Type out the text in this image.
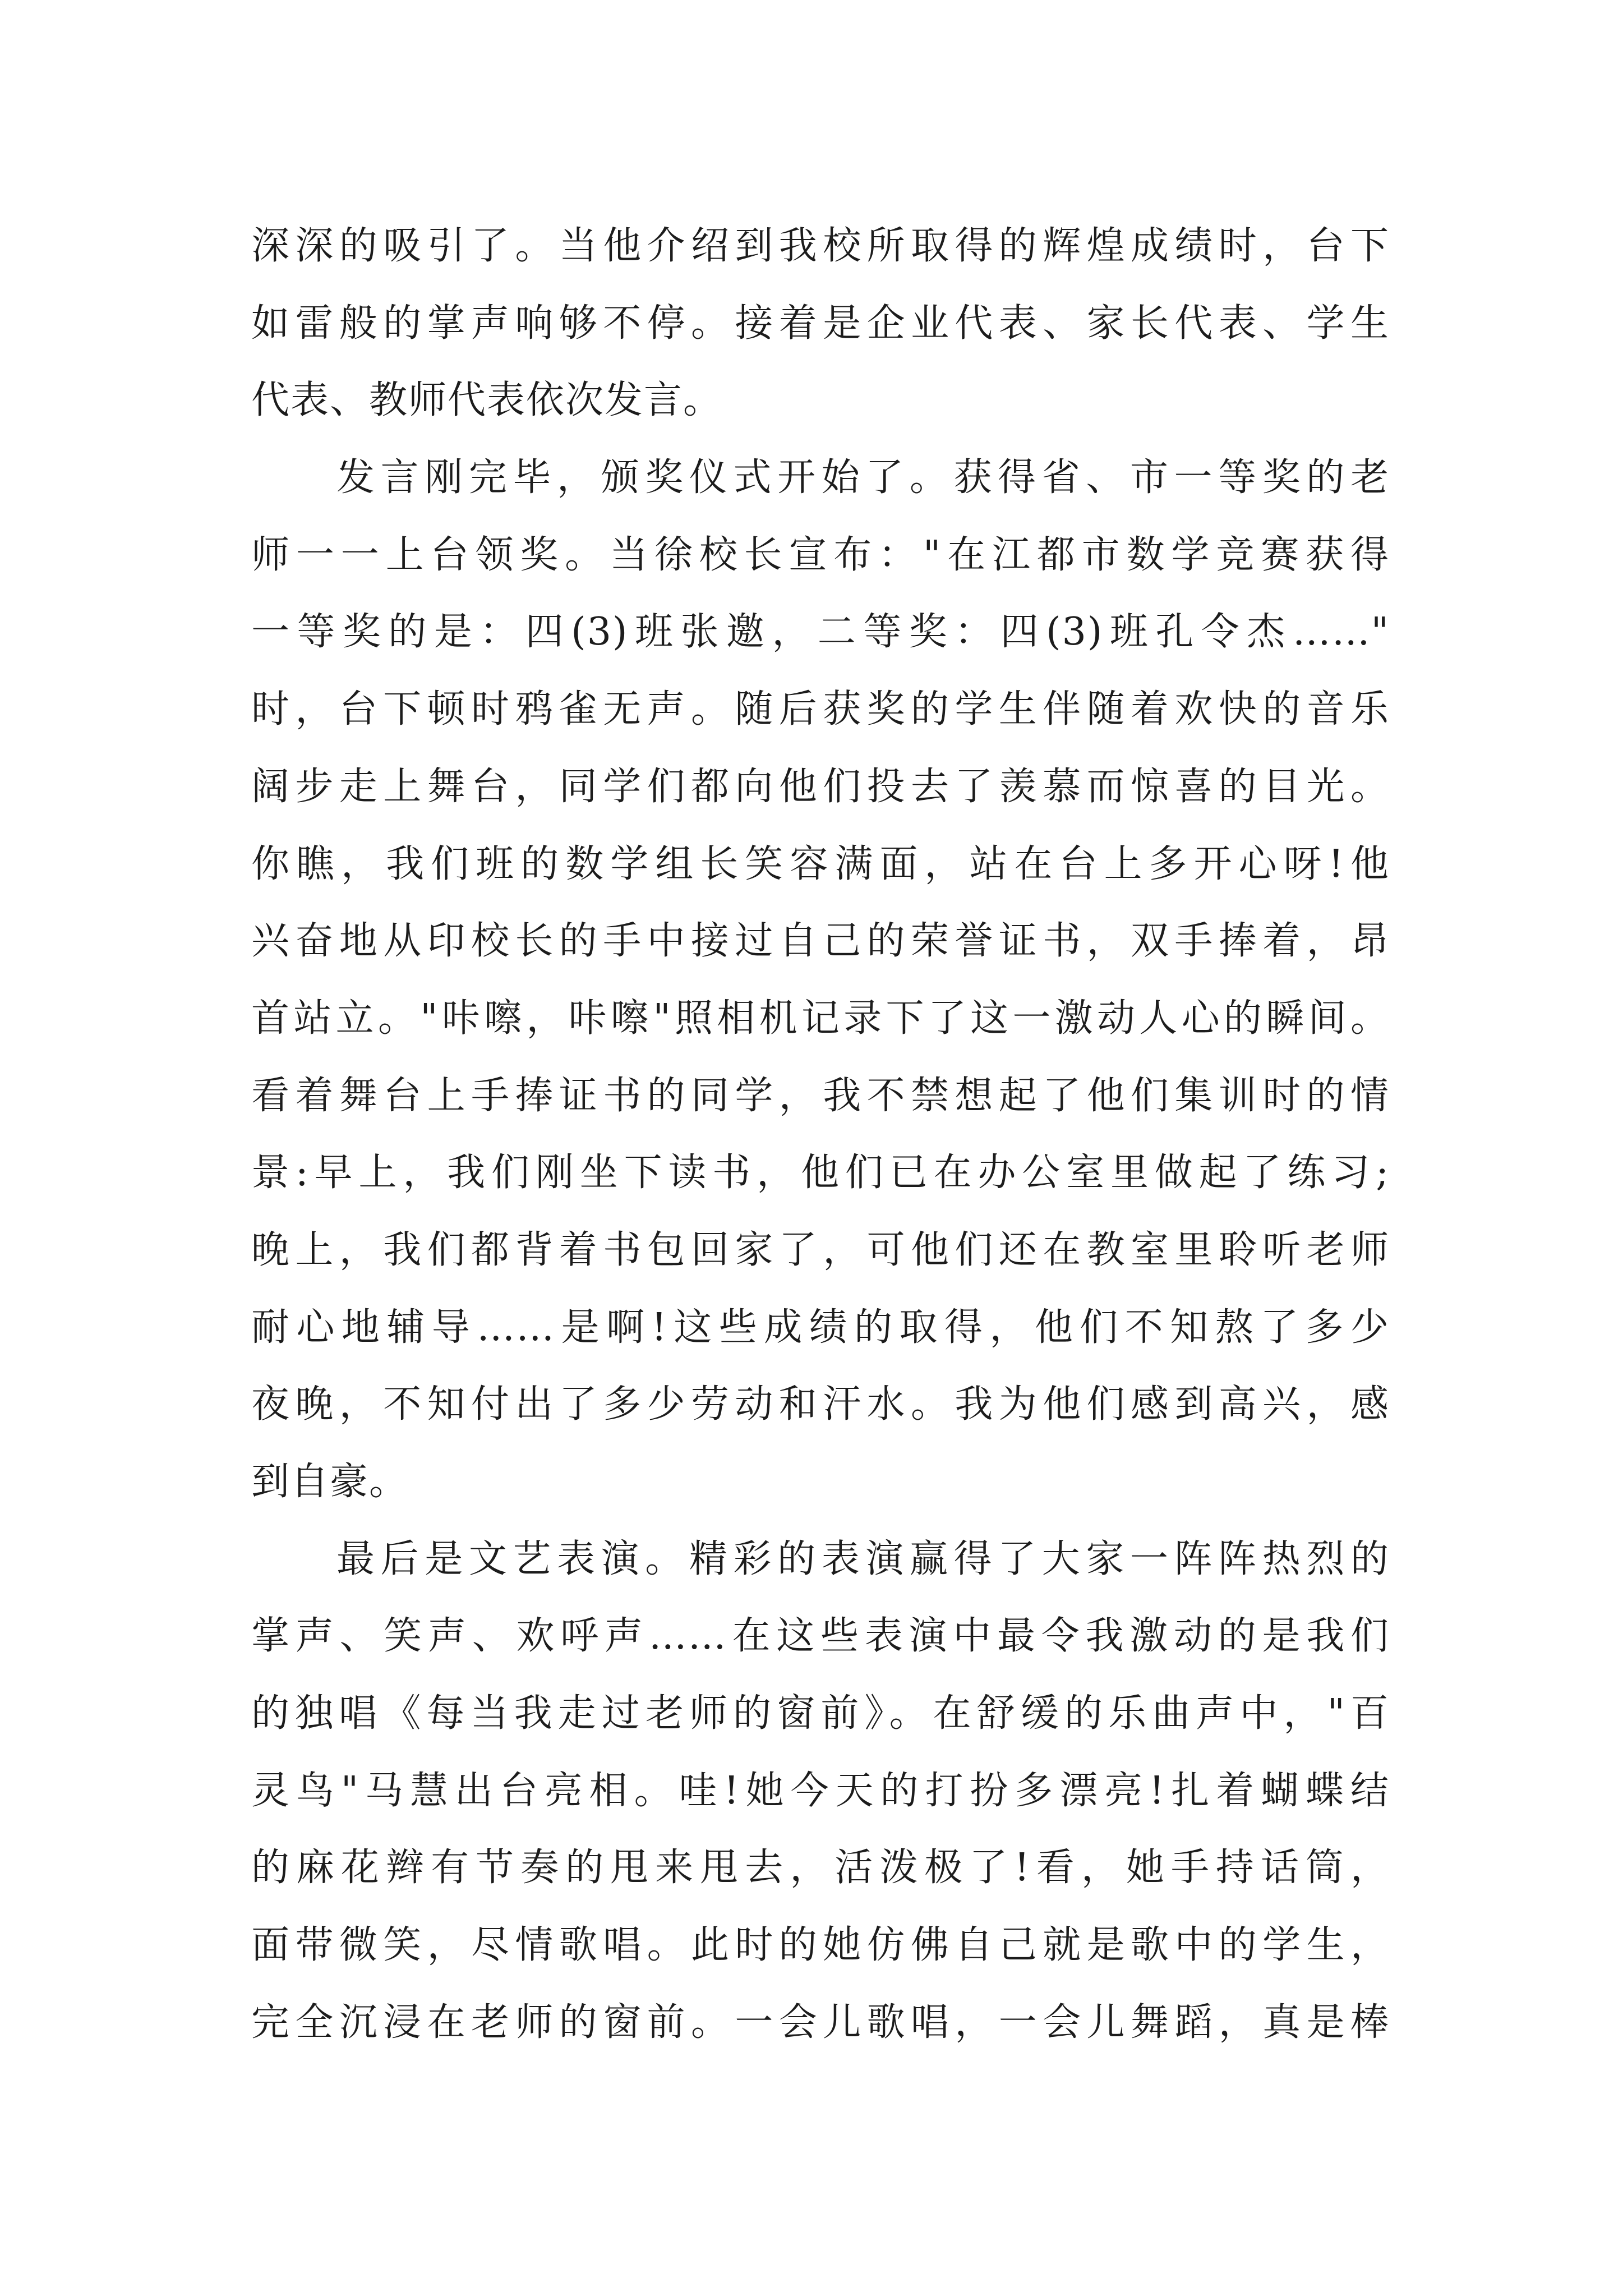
深深的吸引了。当他介绍到我校所取得的辉煌成绩时，台下
如雷般的掌声响够不停。接着是企业代表、家长代表、学生
代表、教师代表依次发言。
发言刚完毕，颁奖仪式开始了。获得省、市一等奖的老
师一一上台领奖。当徐校长宣布："在江都市数学竞赛获得
一等奖的是：四(3)班张邀，二等奖：四(3)班孔令杰……"
时，台下顿时鸦雀无声。随后获奖的学生伴随着欢快的音乐
阔步走上舞台，同学们都向他们投去了羡慕而惊喜的目光。
你瞧，我们班的数学组长笑容满面，站在台上多开心呀!他
兴奋地从印校长的手中接过自己的荣誉证书，双手捧着，昂
首站立。"咔嚓，咔嚓"照相机记录下了这一激动人心的瞬间。
看着舞台上手捧证书的同学，我不禁想起了他们集训时的情
景:早上，我们刚坐下读书，他们已在办公室里做起了练习;
晚上，我们都背着书包回家了，可他们还在教室里聆听老师
耐心地辅导……是啊!这些成绩的取得，他们不知熬了多少
夜晚，不知付出了多少劳动和汗水。我为他们感到高兴，感
到自豪。
最后是文艺表演。精彩的表演赢得了大家一阵阵热烈的
掌声、笑声、欢呼声……在这些表演中最令我激动的是我们
的独唱《每当我走过老师的窗前》。在舒缓的乐曲声中，"百
灵鸟"马慧出台亮相。哇!她今天的打扮多漂亮!扎着蝴蝶结
的麻花辫有节奏的甩来甩去，活泼极了!看，她手持话筒，
面带微笑，尽情歌唱。此时的她仿佛自己就是歌中的学生，
完全沉浸在老师的窗前。一会儿歌唱，一会儿舞蹈，真是棒
